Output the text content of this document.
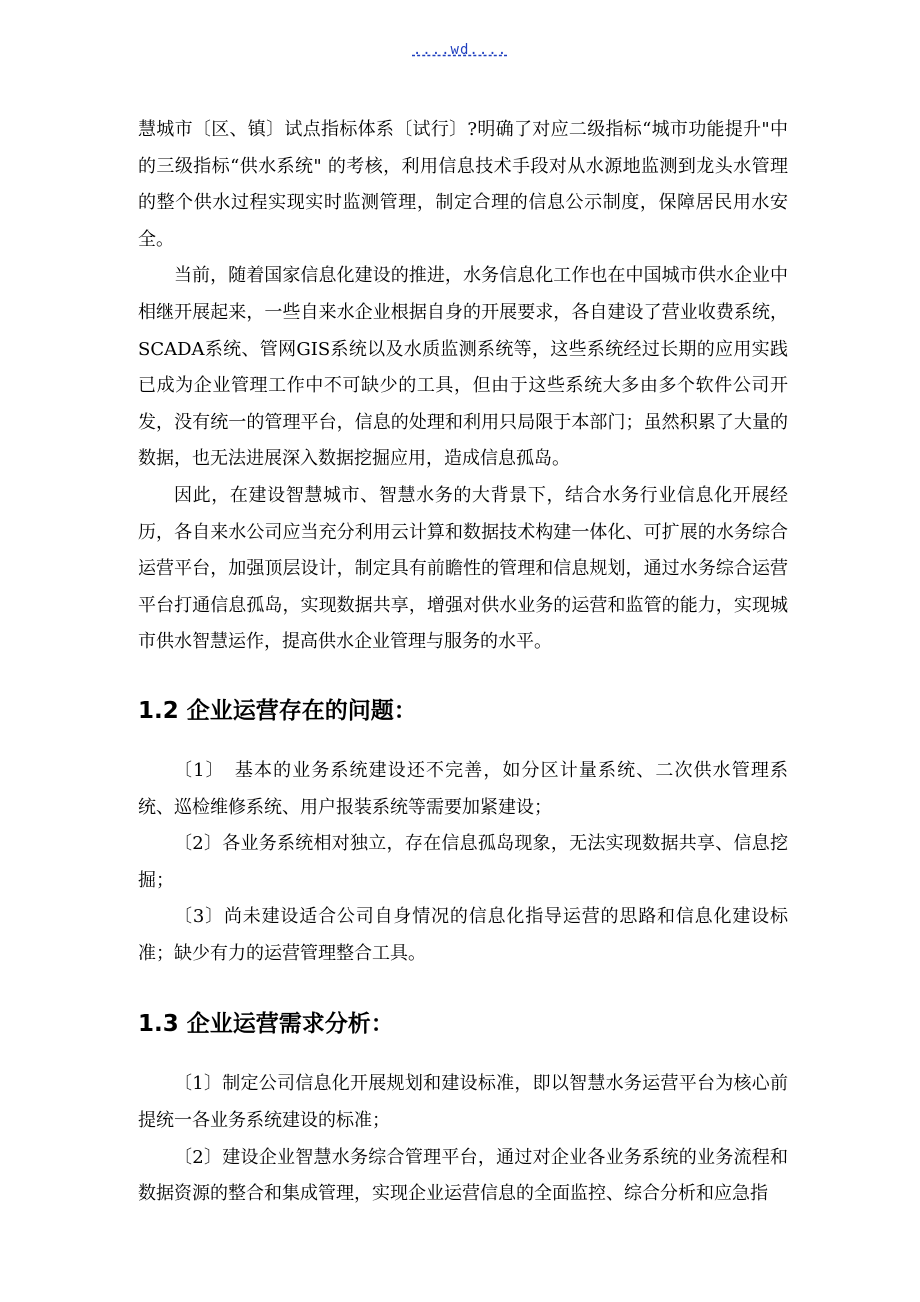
....wd....

慧城市〔区、镇〕试点指标体系〔试行〕?明确了对应二级指标“城市功能提升"中的三级指标“供水系统" 的考核，利用信息技术手段对从水源地监测到龙头水管理的整个供水过程实现实时监测管理，制定合理的信息公示制度，保障居民用水安全。

当前，随着国家信息化建设的推进，水务信息化工作也在中国城市供水企业中相继开展起来，一些自来水企业根据自身的开展要求，各自建设了营业收费系统，SCADA系统、管网GIS系统以及水质监测系统等，这些系统经过长期的应用实践已成为企业管理工作中不可缺少的工具，但由于这些系统大多由多个软件公司开发，没有统一的管理平台，信息的处理和利用只局限于本部门；虽然积累了大量的数据，也无法进展深入数据挖掘应用，造成信息孤岛。

因此，在建设智慧城市、智慧水务的大背景下，结合水务行业信息化开展经历，各自来水公司应当充分利用云计算和数据技术构建一体化、可扩展的水务综合运营平台，加强顶层设计，制定具有前瞻性的管理和信息规划，通过水务综合运营平台打通信息孤岛，实现数据共享，增强对供水业务的运营和监管的能力，实现城市供水智慧运作，提高供水企业管理与服务的水平。

1.2 企业运营存在的问题：

〔1〕　基本的业务系统建设还不完善，如分区计量系统、二次供水管理系统、巡检维修系统、用户报装系统等需要加紧建设；

〔2〕各业务系统相对独立，存在信息孤岛现象，无法实现数据共享、信息挖掘；

〔3〕尚未建设适合公司自身情况的信息化指导运营的思路和信息化建设标准；缺少有力的运营管理整合工具。

1.3 企业运营需求分析：

〔1〕制定公司信息化开展规划和建设标准，即以智慧水务运营平台为核心前提统一各业务系统建设的标准；

〔2〕建设企业智慧水务综合管理平台，通过对企业各业务系统的业务流程和数据资源的整合和集成管理，实现企业运营信息的全面监控、综合分析和应急指
